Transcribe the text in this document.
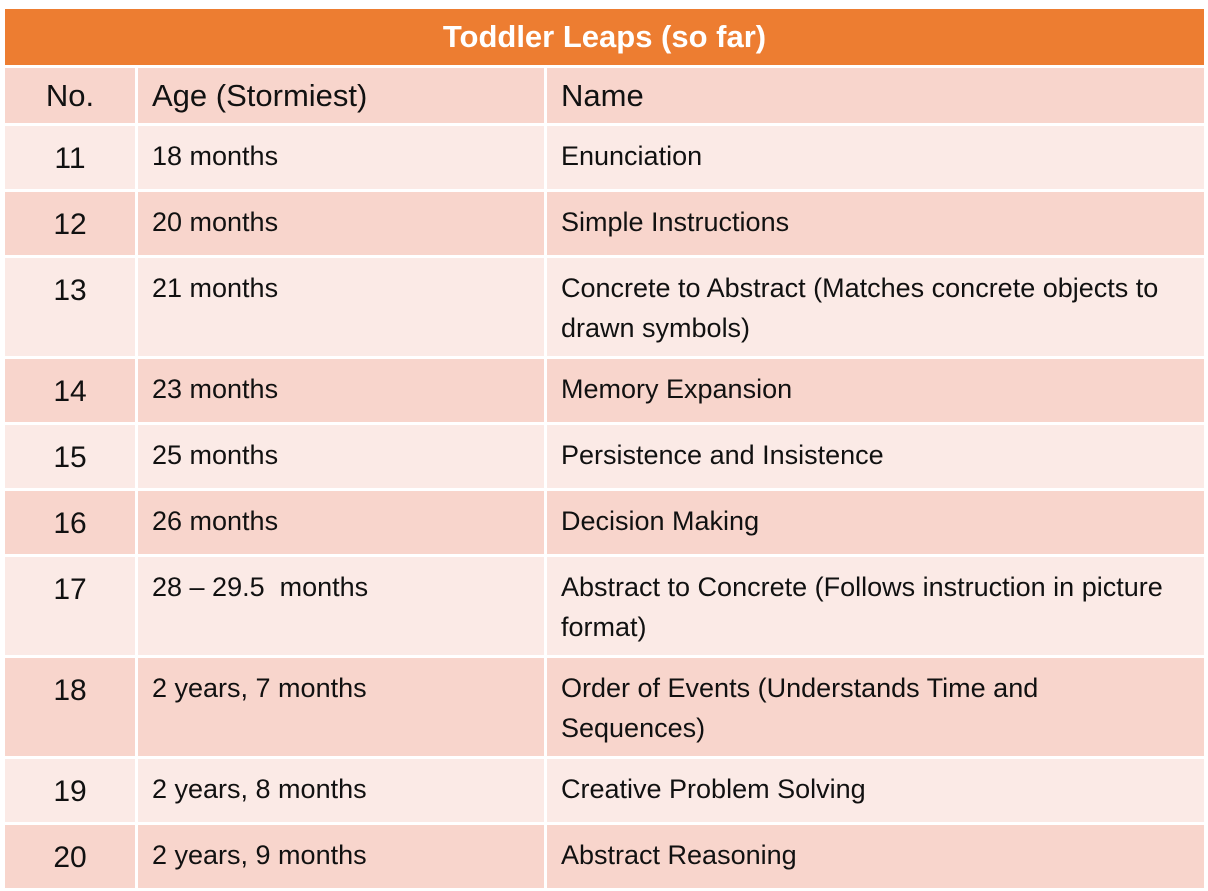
Toddler Leaps (so far)		
No.	Age (Stormiest)	Name
11	18 months	Enunciation
12	20 months	Simple Instructions
13	21 months	Concrete to Abstract (Matches concrete objects to drawn symbols)
14	23 months	Memory Expansion
15	25 months	Persistence and Insistence
16	26 months	Decision Making
17	28 – 29.5  months	Abstract to Concrete (Follows instruction in picture format)
18	2 years, 7 months	Order of Events (Understands Time and Sequences)
19	2 years, 8 months	Creative Problem Solving
20	2 years, 9 months	Abstract Reasoning
